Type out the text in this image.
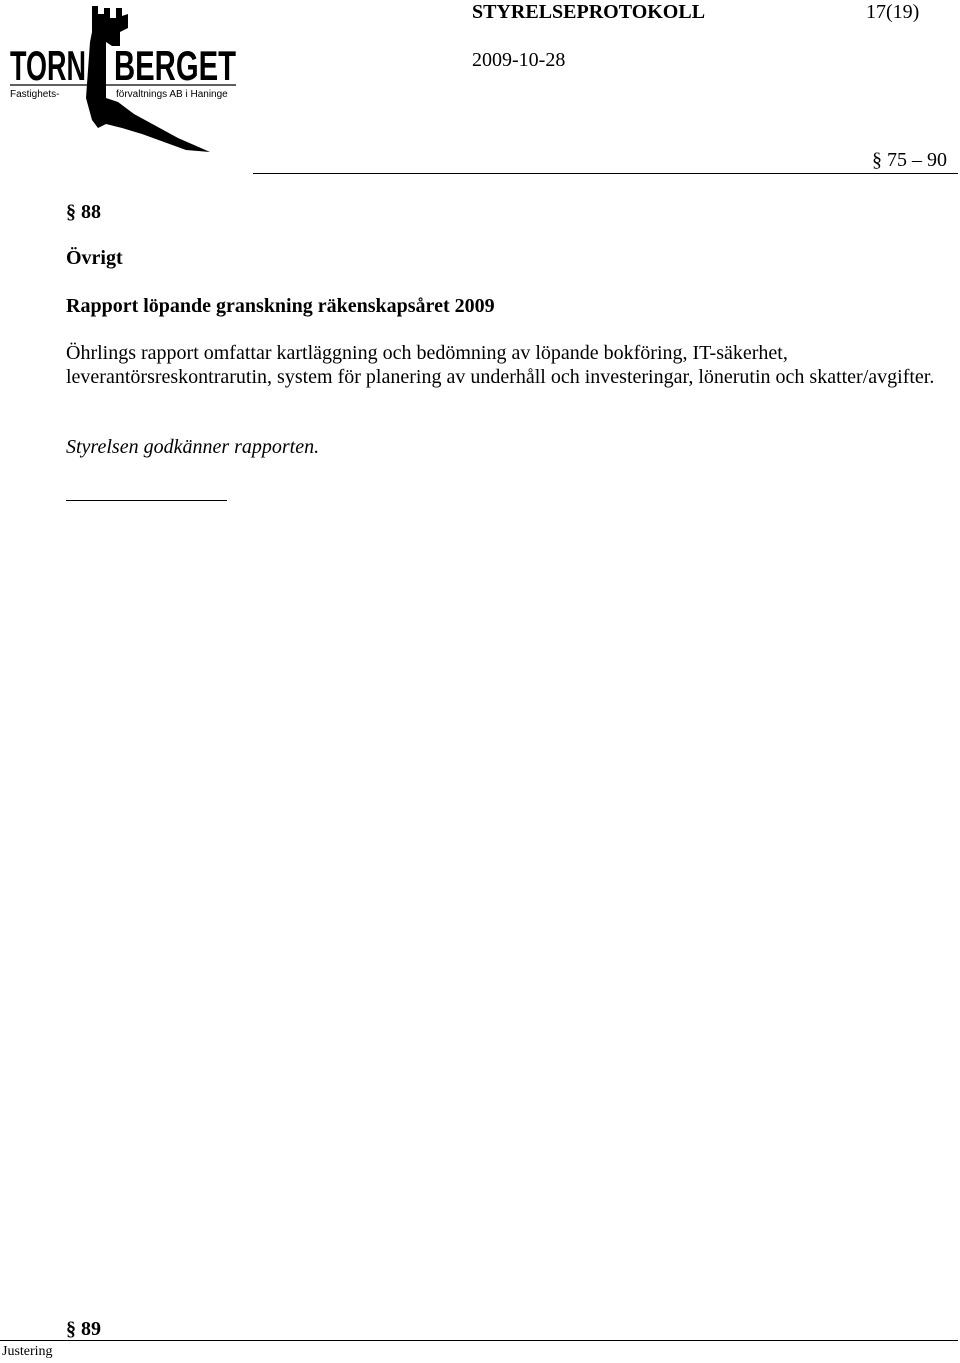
TORN BERGET
Fastighets-	förvaltnings AB i Haninge
STYRELSEPROTOKOLL	17(19)
2009-10-28
§ 75 – 90
§ 88
Övrigt
Rapport löpande granskning räkenskapsåret 2009
Öhrlings rapport omfattar kartläggning och bedömning av löpande bokföring, IT-säkerhet, leverantörsreskontrarutin, system för planering av underhåll och investeringar, lönerutin och skatter/avgifter.
Styrelsen godkänner rapporten.
§ 89
Justering
